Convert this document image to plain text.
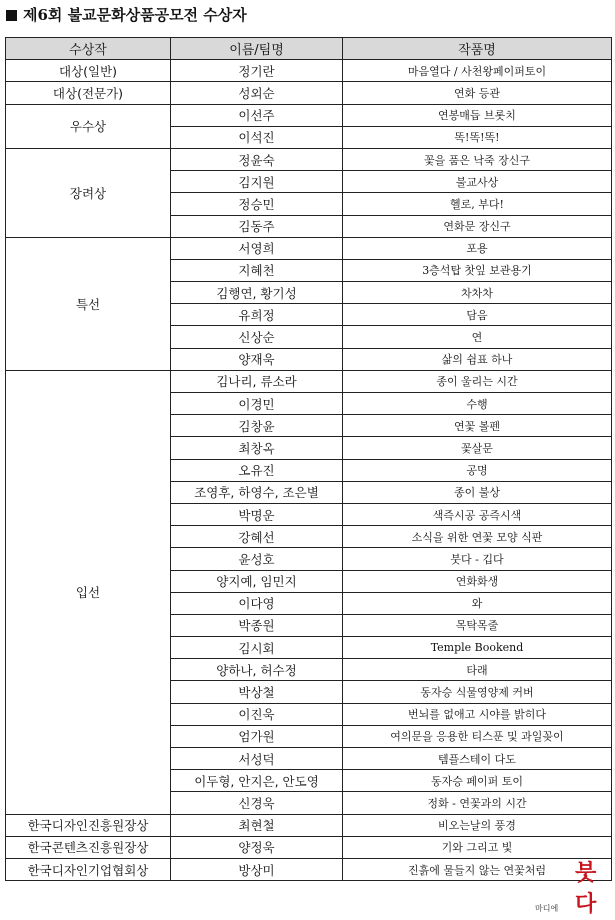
제6회 불교문화상품공모전 수상자
수상작	이름/팀명	작품명
대상(일반)	정기란	마음열다 / 사천왕페이퍼토이
대상(전문가)	성외순	연화 등관
우수상	이선주	연봉매듭 브롯치
	이석진	똑!똑!똑!
장려상	정윤숙	꽃을 품은 낙죽 장신구
	김지원	불교사상
	정승민	헬로, 부다!
	김동주	연화문 장신구
특선	서영희	포용
	지혜천	3층석탑 찻잎 보관용기
	김행연, 황기성	차차차
	유희정	담음
	신상순	연
	양재욱	삶의 쉼표 하나
입선	김나리, 류소라	종이 울리는 시간
	이경민	수행
	김창윤	연꽃 볼펜
	최창옥	꽃살문
	오유진	공명
	조영후, 하영수, 조은별	종이 불상
	박명운	색즉시공 공즉시색
	강혜선	소식을 위한 연꽃 모양 식판
	윤성호	붓다 - 깁다
	양지예, 임민지	연화화생
	이다영	와
	박종원	목탁목줄
	김시회	Temple Bookend
	양하나, 허수정	타래
	박상철	동자승 식물영양제 커버
	이진욱	번뇌를 없애고 시야를 밝히다
	엄가원	여의문을 응용한 티스푼 및 과일꽂이
	서성덕	템플스테이 다도
	이두형, 안지은, 안도영	동자승 페이퍼 토이
	신경욱	정화 - 연꽃과의 시간
한국디자인진흥원장상	최현철	비오는날의 풍경
한국콘텐츠진흥원장상	양정욱	기와 그리고 빛
한국디자인기업협회상	방상미	진흙에 물들지 않는 연꽃처럼
마디에
붓다
